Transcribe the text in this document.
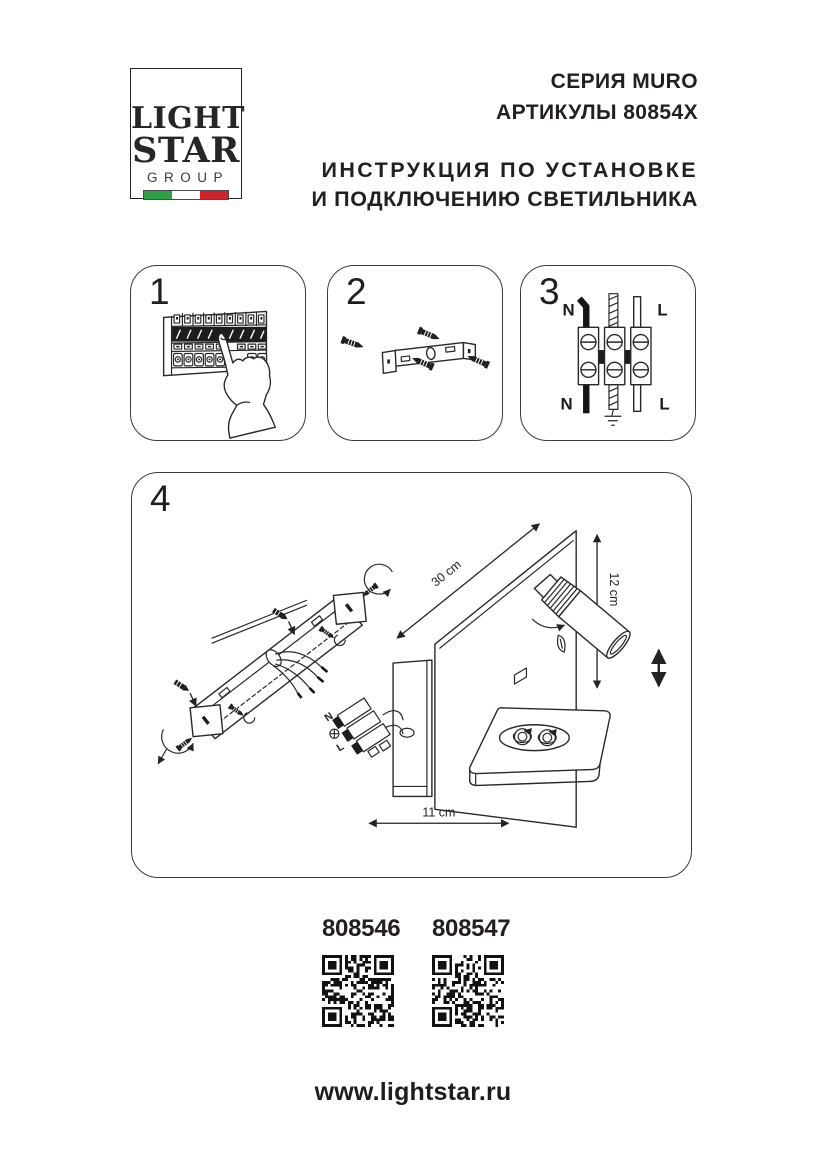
LIGHT
STAR
GROUP
СЕРИЯ MURO
АРТИКУЛЫ 80854X
ИНСТРУКЦИЯ ПО УСТАНОВКЕ
И ПОДКЛЮЧЕНИЮ СВЕТИЛЬНИКА
1	2	3 N	L
N	L
4
30 cm	12 cm
N
L
11 cm
808546 808547
www.lightstar.ru
